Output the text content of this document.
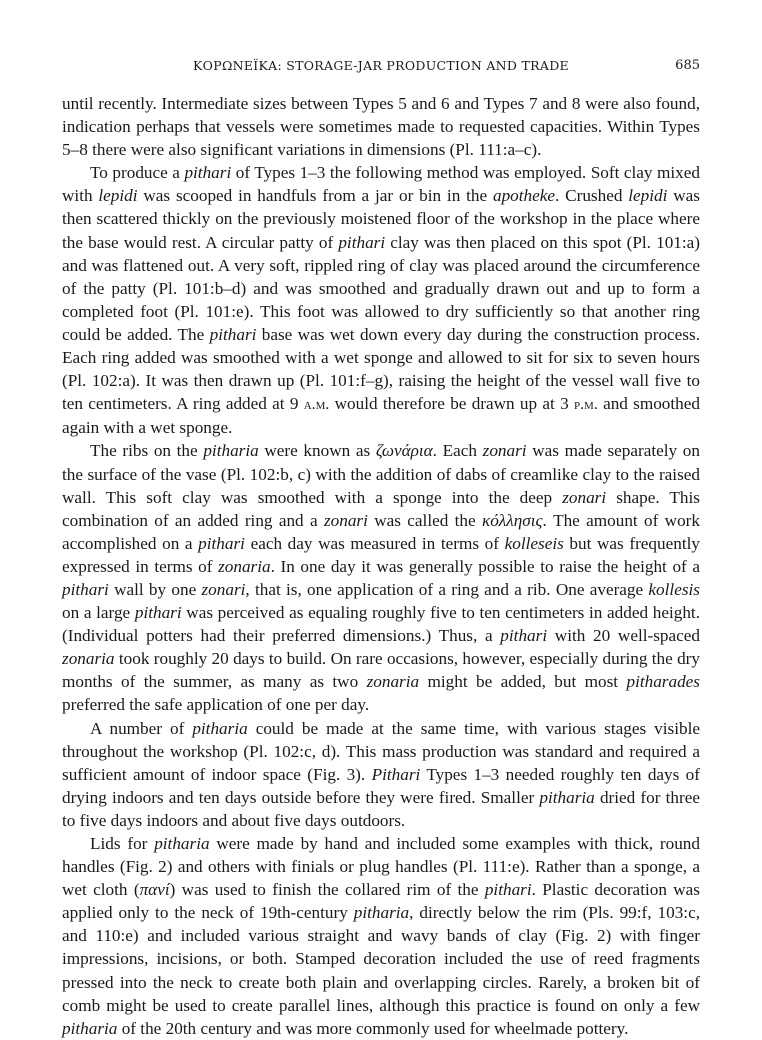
ΚΟΡΩΝΕΪΚΑ: STORAGE-JAR PRODUCTION AND TRADE	685

until recently. Intermediate sizes between Types 5 and 6 and Types 7 and 8 were also found, indication perhaps that vessels were sometimes made to requested capacities. Within Types 5–8 there were also significant variations in dimensions (Pl. 111:a–c).

To produce a pithari of Types 1–3 the following method was employed. Soft clay mixed with lepidi was scooped in handfuls from a jar or bin in the apotheke. Crushed lepidi was then scattered thickly on the previously moistened floor of the workshop in the place where the base would rest. A circular patty of pithari clay was then placed on this spot (Pl. 101:a) and was flattened out. A very soft, rippled ring of clay was placed around the circumference of the patty (Pl. 101:b–d) and was smoothed and gradually drawn out and up to form a completed foot (Pl. 101:e). This foot was allowed to dry sufficiently so that another ring could be added. The pithari base was wet down every day during the construction process. Each ring added was smoothed with a wet sponge and allowed to sit for six to seven hours (Pl. 102:a). It was then drawn up (Pl. 101:f–g), raising the height of the vessel wall five to ten centimeters. A ring added at 9 a.m. would therefore be drawn up at 3 p.m. and smoothed again with a wet sponge.

The ribs on the pitharia were known as ζωνάρια. Each zonari was made separately on the surface of the vase (Pl. 102:b, c) with the addition of dabs of creamlike clay to the raised wall. This soft clay was smoothed with a sponge into the deep zonari shape. This combination of an added ring and a zonari was called the κόλλησις. The amount of work accomplished on a pithari each day was measured in terms of kolleseis but was frequently expressed in terms of zonaria. In one day it was generally possible to raise the height of a pithari wall by one zonari, that is, one application of a ring and a rib. One average kollesis on a large pithari was perceived as equaling roughly five to ten centimeters in added height. (Individual potters had their preferred dimensions.) Thus, a pithari with 20 well-spaced zonaria took roughly 20 days to build. On rare occasions, however, especially during the dry months of the summer, as many as two zonaria might be added, but most pitharades preferred the safe application of one per day.

A number of pitharia could be made at the same time, with various stages visible throughout the workshop (Pl. 102:c, d). This mass production was standard and required a sufficient amount of indoor space (Fig. 3). Pithari Types 1–3 needed roughly ten days of drying indoors and ten days outside before they were fired. Smaller pitharia dried for three to five days indoors and about five days outdoors.

Lids for pitharia were made by hand and included some examples with thick, round handles (Fig. 2) and others with finials or plug handles (Pl. 111:e). Rather than a sponge, a wet cloth (πανί) was used to finish the collared rim of the pithari. Plastic decoration was applied only to the neck of 19th-century pitharia, directly below the rim (Pls. 99:f, 103:c, and 110:e) and included various straight and wavy bands of clay (Fig. 2) with finger impressions, incisions, or both. Stamped decoration included the use of reed fragments pressed into the neck to create both plain and overlapping circles. Rarely, a broken bit of comb might be used to create parallel lines, although this practice is found on only a few pitharia of the 20th century and was more commonly used for wheelmade pottery.
